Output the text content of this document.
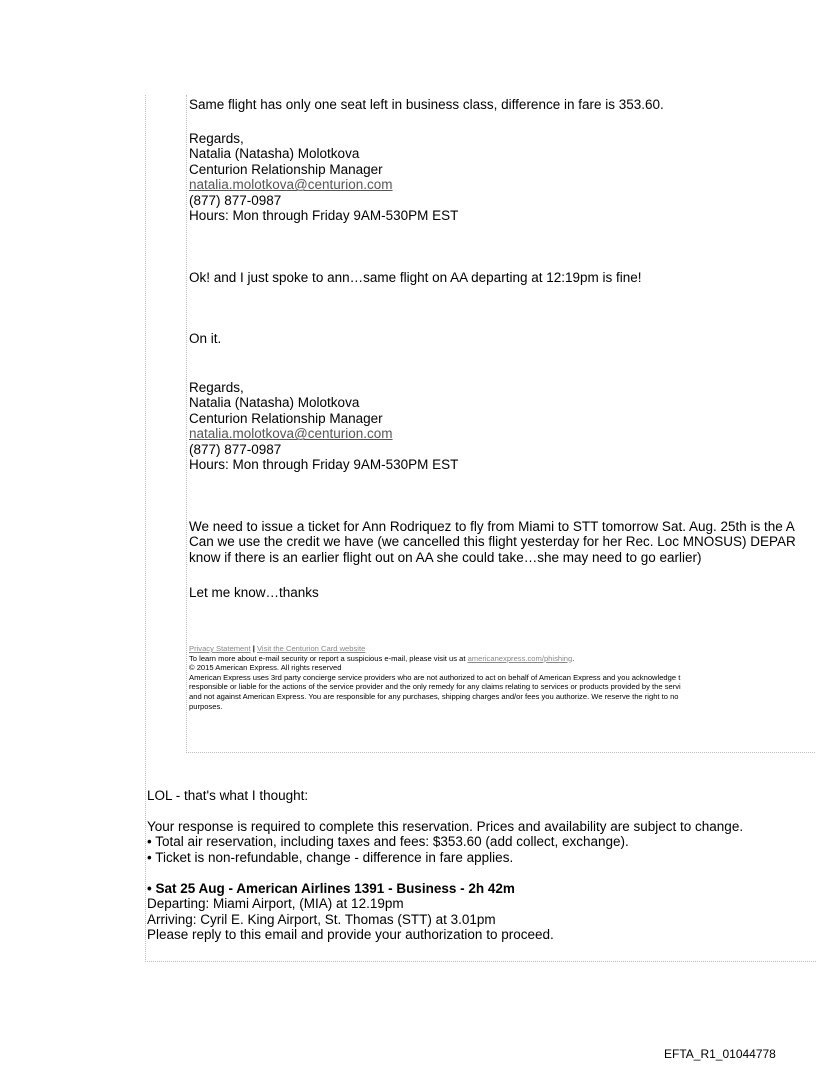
Same flight has only one seat left in business class, difference in fare is 353.60.

Regards,
Natalia (Natasha) Molotkova
Centurion Relationship Manager
natalia.molotkova@centurion.com
(877) 877-0987
Hours: Mon through Friday 9AM-530PM EST

Ok! and I just spoke to ann…same flight on AA departing at 12:19pm is fine!

On it.

Regards,
Natalia (Natasha) Molotkova
Centurion Relationship Manager
natalia.molotkova@centurion.com
(877) 877-0987
Hours: Mon through Friday 9AM-530PM EST
We need to issue a ticket for Ann Rodriquez to fly from Miami to STT tomorrow Sat. Aug. 25th is the A
Can we use the credit we have (we cancelled this flight yesterday for her Rec. Loc MNOSUS) DEPAR
know if there is an earlier flight out on AA she could take…she may need to go earlier)

Let me know…thanks

Privacy Statement | Visit the Centurion Card website
To learn more about e-mail security or report a suspicious e-mail, please visit us at americanexpress.com/phishing.
© 2015 American Express. All rights reserved
American Express uses 3rd party concierge service providers who are not authorized to act on behalf of American Express and you acknowledge t
responsible or liable for the actions of the service provider and the only remedy for any claims relating to services or products provided by the servi
and not against American Express. You are responsible for any purchases, shipping charges and/or fees you authorize. We reserve the right to no
purposes.

LOL - that's what I thought:

Your response is required to complete this reservation. Prices and availability are subject to change.
• Total air reservation, including taxes and fees: $353.60 (add collect, exchange).
• Ticket is non-refundable, change - difference in fare applies.
• Sat 25 Aug - American Airlines 1391 - Business - 2h 42m
Departing: Miami Airport, (MIA) at 12.19pm
Arriving: Cyril E. King Airport, St. Thomas (STT) at 3.01pm
Please reply to this email and provide your authorization to proceed.
EFTA_R1_01044778
